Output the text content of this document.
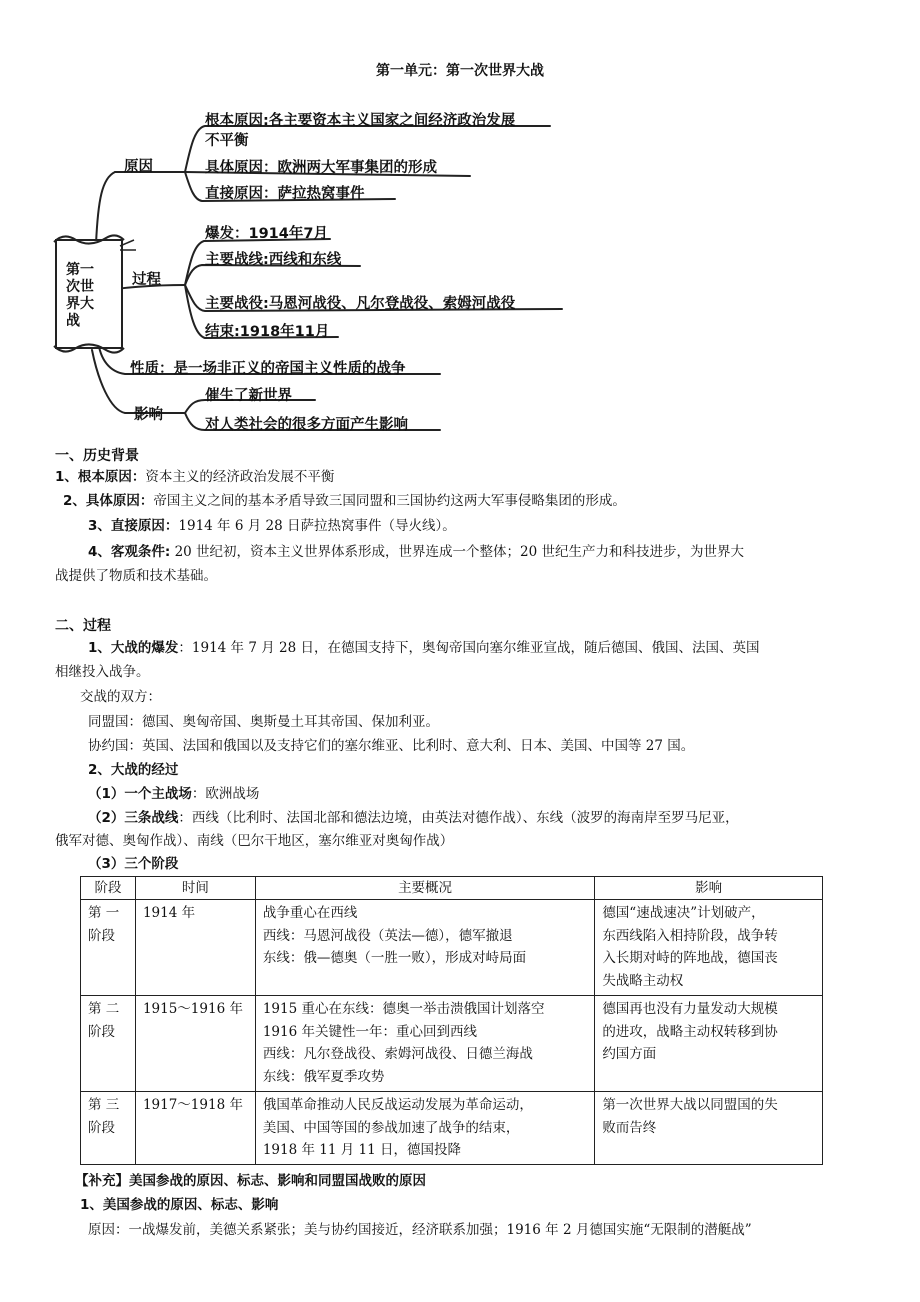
第一单元：第一次世界大战
第一
次世
界大
战
原因
根本原因:各主要资本主义国家之间经济政治发展
不平衡
具体原因：欧洲两大军事集团的形成
直接原因：萨拉热窝事件
过程
爆发：1914年7月
主要战线:西线和东线
主要战役:马恩河战役、凡尔登战役、索姆河战役
结束:1918年11月
性质：是一场非正义的帝国主义性质的战争
影响
催生了新世界
对人类社会的很多方面产生影响
一、历史背景

1、根本原因：资本主义的经济政治发展不平衡

2、具体原因：帝国主义之间的基本矛盾导致三国同盟和三国协约这两大军事侵略集团的形成。

3、直接原因：1914 年 6 月 28 日萨拉热窝事件（导火线）。

4、客观条件: 20 世纪初，资本主义世界体系形成，世界连成一个整体；20 世纪生产力和科技进步，为世界大

战提供了物质和技术基础。

二、过程

1、大战的爆发：1914 年 7 月 28 日，在德国支持下，奥匈帝国向塞尔维亚宣战，随后德国、俄国、法国、英国

相继投入战争。

交战的双方：

同盟国：德国、奥匈帝国、奥斯曼土耳其帝国、保加利亚。

协约国：英国、法国和俄国以及支持它们的塞尔维亚、比利时、意大利、日本、美国、中国等 27 国。

2、大战的经过

（1）一个主战场：欧洲战场

（2）三条战线：西线（比利时、法国北部和德法边境，由英法对德作战）、东线（波罗的海南岸至罗马尼亚，

俄军对德、奥匈作战）、南线（巴尔干地区，塞尔维亚对奥匈作战）

（3）三个阶段

阶段	时间	主要概况	影响

第 一
阶段	1914 年	战争重心在西线
西线：马恩河战役（英法—德），德军撤退
东线：俄—德奥（一胜一败），形成对峙局面	德国“速战速决”计划破产，
东西线陷入相持阶段，战争转
入长期对峙的阵地战，德国丧
失战略主动权

第 二
阶段	1915～1916 年	1915 重心在东线：德奥一举击溃俄国计划落空
1916 年关键性一年：重心回到西线
西线：凡尔登战役、索姆河战役、日德兰海战
东线：俄军夏季攻势	德国再也没有力量发动大规模
的进攻，战略主动权转移到协
约国方面

第 三
阶段	1917～1918 年	俄国革命推动人民反战运动发展为革命运动，
美国、中国等国的参战加速了战争的结束，
1918 年 11 月 11 日，德国投降	第一次世界大战以同盟国的失
败而告终

【补充】美国参战的原因、标志、影响和同盟国战败的原因

1、美国参战的原因、标志、影响

原因：一战爆发前，美德关系紧张；美与协约国接近，经济联系加强；1916 年 2 月德国实施“无限制的潜艇战”
